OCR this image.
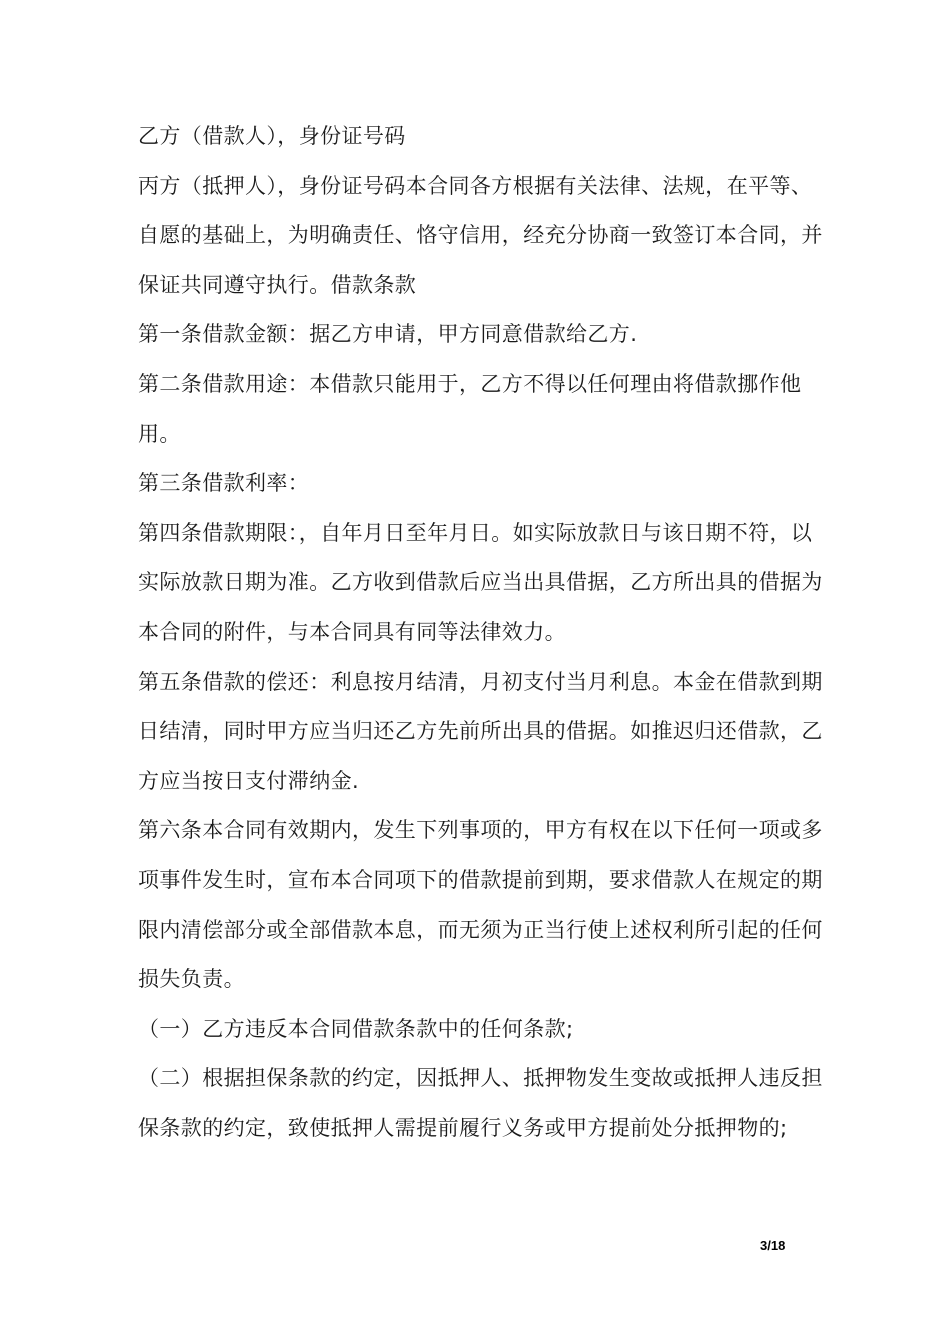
乙方（借款人），身份证号码

丙方（抵押人），身份证号码本合同各方根据有关法律、法规，在平等、自愿的基础上，为明确责任、恪守信用，经充分协商一致签订本合同，并保证共同遵守执行。借款条款

第一条借款金额：据乙方申请，甲方同意借款给乙方.

第二条借款用途：本借款只能用于，乙方不得以任何理由将借款挪作他用。

第三条借款利率：

第四条借款期限：，自年月日至年月日。如实际放款日与该日期不符，以实际放款日期为准。乙方收到借款后应当出具借据，乙方所出具的借据为本合同的附件，与本合同具有同等法律效力。

第五条借款的偿还：利息按月结清，月初支付当月利息。本金在借款到期日结清，同时甲方应当归还乙方先前所出具的借据。如推迟归还借款，乙方应当按日支付滞纳金.

第六条本合同有效期内，发生下列事项的，甲方有权在以下任何一项或多项事件发生时，宣布本合同项下的借款提前到期，要求借款人在规定的期限内清偿部分或全部借款本息，而无须为正当行使上述权利所引起的任何损失负责。

（一）乙方违反本合同借款条款中的任何条款;

（二）根据担保条款的约定，因抵押人、抵押物发生变故或抵押人违反担保条款的约定，致使抵押人需提前履行义务或甲方提前处分抵押物的;

3/18
